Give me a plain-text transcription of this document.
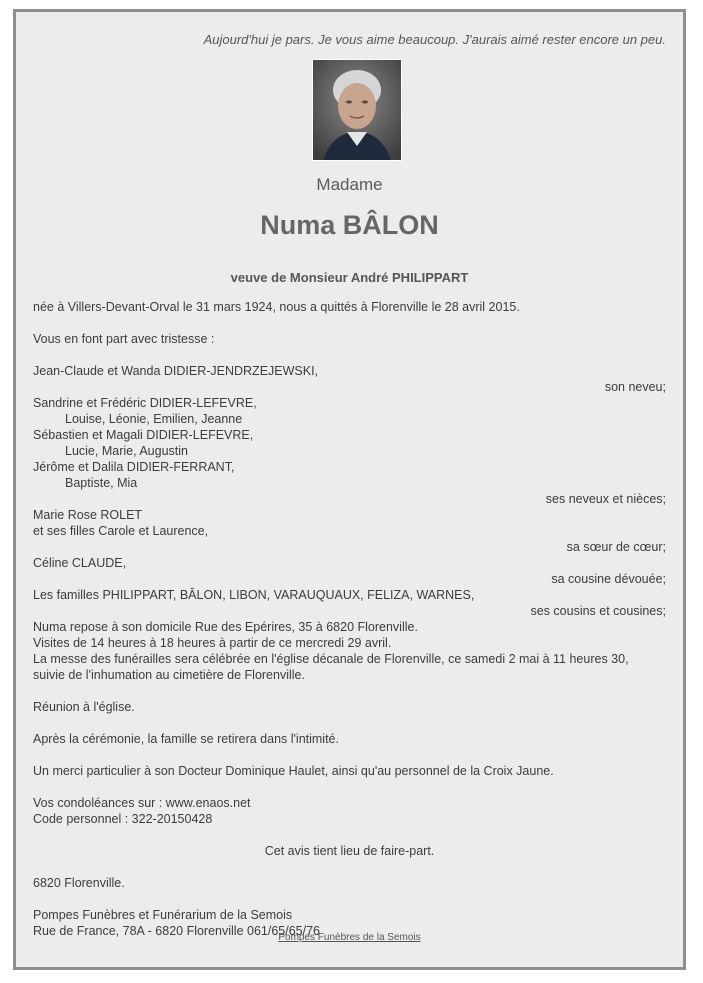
Aujourd'hui je pars. Je vous aime beaucoup. J'aurais aimé rester encore un peu.
Madame
Numa BÂLON
veuve de Monsieur André PHILIPPART
née à Villers-Devant-Orval le 31 mars 1924, nous a quittés à Florenville le 28 avril 2015.
Vous en font part avec tristesse :
Jean-Claude et Wanda DIDIER-JENDRZEJEWSKI,
son neveu;
Sandrine et Frédéric DIDIER-LEFEVRE,
Louise, Léonie, Emilien, Jeanne
Sébastien et Magali DIDIER-LEFEVRE,
Lucie, Marie, Augustin
Jérôme et Dalila DIDIER-FERRANT,
Baptiste, Mia
ses neveux et nièces;
Marie Rose ROLET
et ses filles Carole et Laurence,
sa sœur de cœur;
Céline CLAUDE,
sa cousine dévouée;
Les familles PHILIPPART, BÂLON, LIBON, VARAUQUAUX, FELIZA, WARNES,
ses cousins et cousines;
Numa repose à son domicile Rue des Epérires, 35 à 6820 Florenville.
Visites de 14 heures à 18 heures à partir de ce mercredi 29 avril.
La messe des funérailles sera célébrée en l'église décanale de Florenville, ce samedi 2 mai à 11 heures 30,
suivie de l'inhumation au cimetière de Florenville.
Réunion à l'église.
Après la cérémonie, la famille se retirera dans l'intimité.
Un merci particulier à son Docteur Dominique Haulet, ainsi qu'au personnel de la Croix Jaune.
Vos condoléances sur : www.enaos.net
Code personnel : 322-20150428
Cet avis tient lieu de faire-part.
6820 Florenville.
Pompes Funèbres et Funérarium de la Semois
Rue de France, 78A - 6820 Florenville 061/65/65/76
Pompes Funèbres de la Semois
